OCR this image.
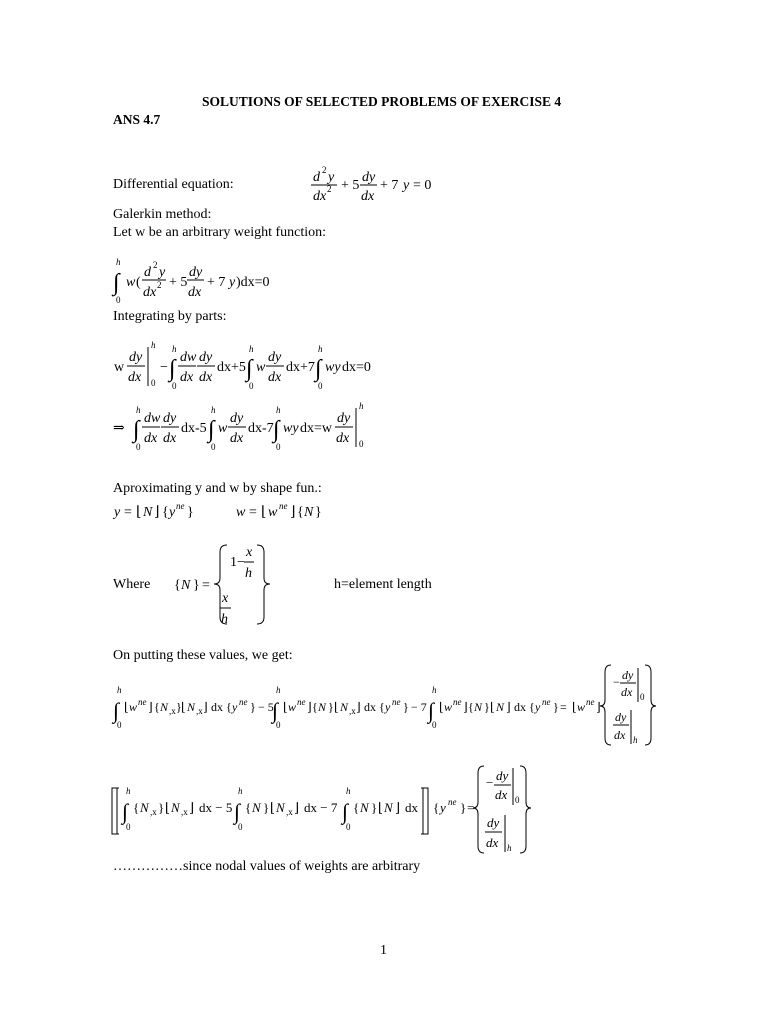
SOLUTIONS OF SELECTED PROBLEMS OF EXERCISE 4
ANS 4.7
Differential equation:
Galerkin method:
Let w be an arbitrary weight function:
Integrating by parts:
Aproximating y and w by shape fun.:
Where	h=element length
On putting these values, we get:
……………since nodal values of weights are arbitrary
1
d 2 y
dx 2 + 5
dy
dx
+ 7 y = 0
h
∫
0
w (
d 2 y
dx 2 + 5
dy
dx
+ 7 y )dx=0
w
dy
dx
h
0
−
h
∫
0
dw
dx
dy
dx
dx+5
h
∫
0
w
dy
dx
dx+7
h
∫
0
wy dx=0
⇒
h
∫
0
dw
dx
dy
dx
dx-5
h
∫
0
w
dy
dx
dx-7
h
∫
0
wy dx=w
dy
dx
h
0
y = ⌊ N ⌋ { y ne }	w = ⌊ w ne ⌋ { N }
{ N } =
1−
x
h
x
h
h
∫
0
⌊ w ne ⌋ { N ,x } ⌊ N ,x ⌋ dx { y ne } − 5
h
∫
0
⌊ w ne ⌋ { N } ⌊ N ,x ⌋ dx { y ne } − 7
h
∫
0
⌊ w ne ⌋ { N } ⌊ N ⌋ dx { y ne } = ⌊ w ne ⌋
− dy
dx 0
dy
dx h
h
∫
0
{ N ,x } ⌊ N ,x ⌋ dx − 5
h
∫
0
{ N } ⌊ N ,x ⌋ dx − 7
h
∫
0
{ N } ⌊ N ⌋ dx { y ne } =
− dy
dx 0
dy
dx h
